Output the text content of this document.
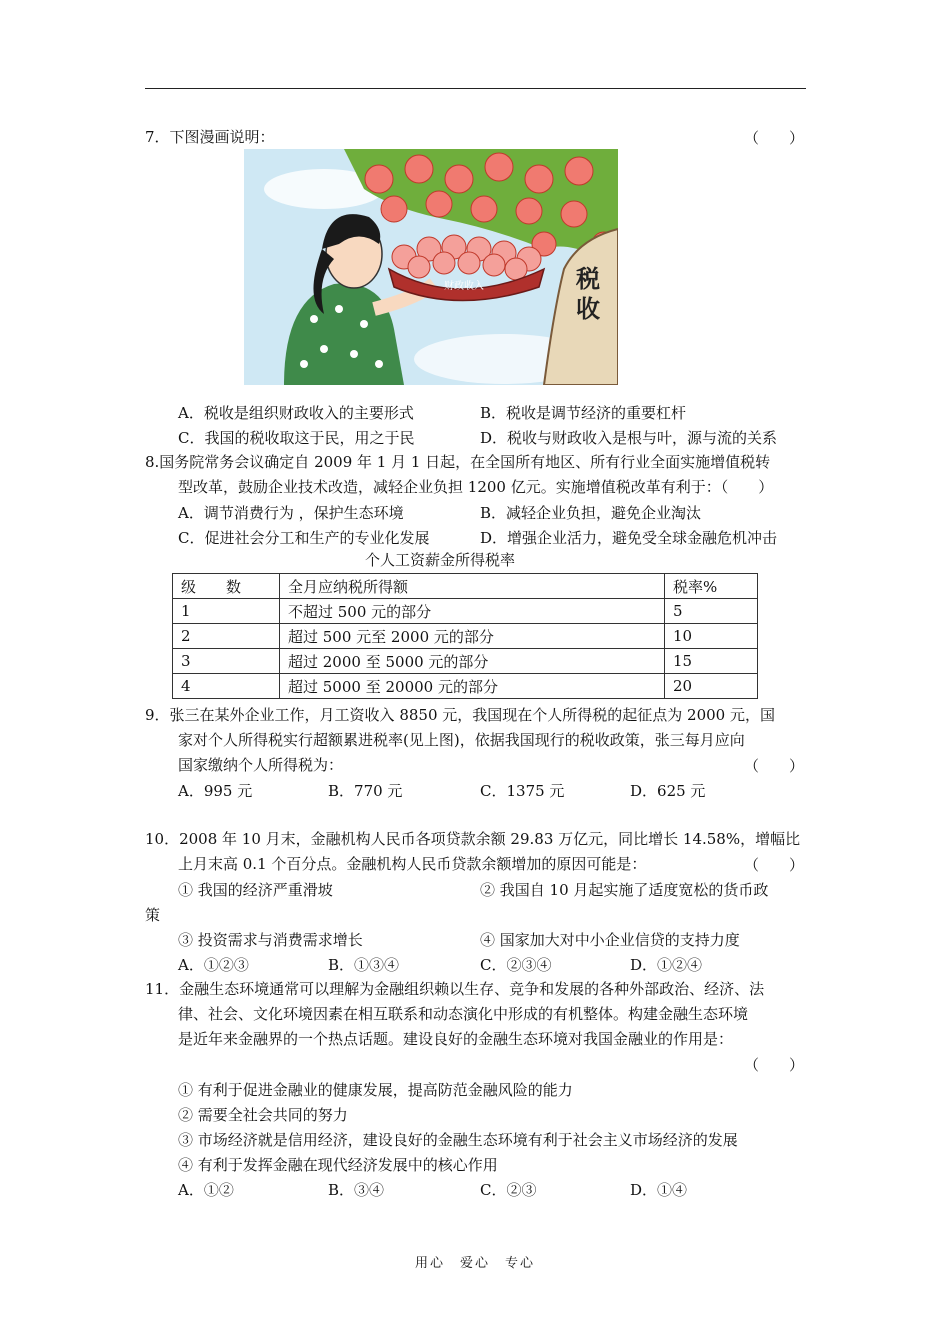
7．下图漫画说明：	（　　）
税
收
财政收入
A．税收是组织财政收入的主要形式	B．税收是调节经济的重要杠杆
C．我国的税收取这于民，用之于民	D．税收与财政收入是根与叶，源与流的关系
8.国务院常务会议确定自 2009 年 1 月 1 日起，在全国所有地区、所有行业全面实施增值税转
型改革，鼓励企业技术改造，减轻企业负担 1200 亿元。实施增值税改革有利于：（　　）
A．调节消费行为 ，保护生态环境	B．减轻企业负担，避免企业淘汰
C．促进社会分工和生产的专业化发展	D．增强企业活力，避免受全球金融危机冲击
个人工资薪金所得税率
级　　数	全月应纳税所得额	税率%
1	不超过 500 元的部分	5
2	超过 500 元至 2000 元的部分	10
3	超过 2000 至 5000 元的部分	15
4	超过 5000 至 20000 元的部分	20
9．张三在某外企业工作，月工资收入 8850 元，我国现在个人所得税的起征点为 2000 元，国
家对个人所得税实行超额累进税率(见上图)，依据我国现行的税收政策，张三每月应向
国家缴纳个人所得税为：	（　　）
A．995 元	B．770 元	C．1375 元	D．625 元
10．2008 年 10 月末，金融机构人民币各项贷款余额 29.83 万亿元，同比增长 14.58%，增幅比
上月末高 0.1 个百分点。金融机构人民币贷款余额增加的原因可能是：	（　　）
① 我国的经济严重滑坡	② 我国自 10 月起实施了适度宽松的货币政
策
③ 投资需求与消费需求增长	④ 国家加大对中小企业信贷的支持力度
A．①②③	B．①③④	C．②③④	D．①②④
11．金融生态环境通常可以理解为金融组织赖以生存、竞争和发展的各种外部政治、经济、法
律、社会、文化环境因素在相互联系和动态演化中形成的有机整体。构建金融生态环境
是近年来金融界的一个热点话题。建设良好的金融生态环境对我国金融业的作用是：
（　　）
① 有利于促进金融业的健康发展，提高防范金融风险的能力
② 需要全社会共同的努力
③ 市场经济就是信用经济，建设良好的金融生态环境有利于社会主义市场经济的发展
④ 有利于发挥金融在现代经济发展中的核心作用
A．①②	B．③④	C．②③	D．①④
用心　爱心　专心
